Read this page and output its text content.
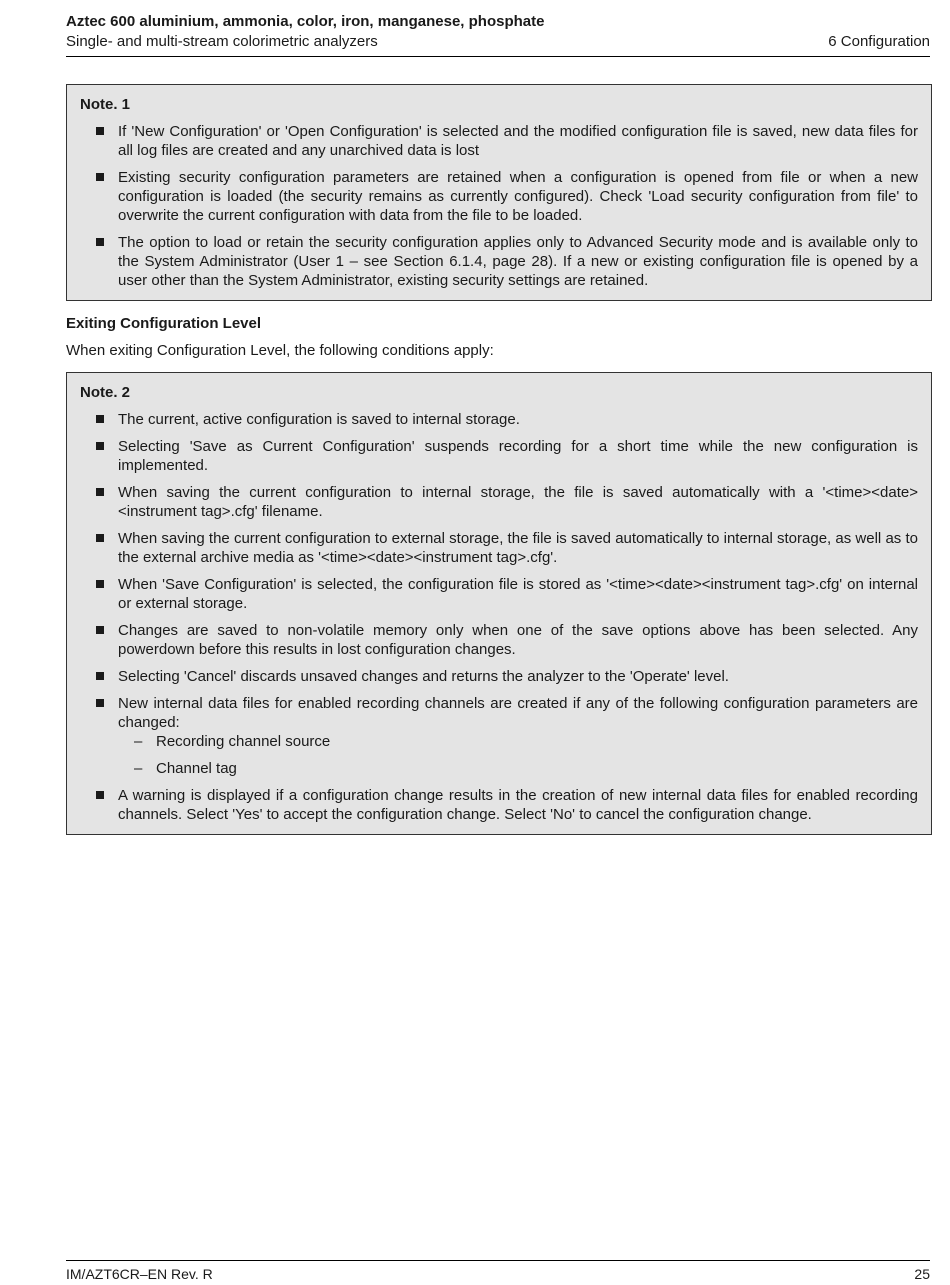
Aztec 600 aluminium, ammonia, color, iron, manganese, phosphate
Single- and multi-stream colorimetric analyzers	6 Configuration
Note. 1
If 'New Configuration' or 'Open Configuration' is selected and the modified configuration file is saved, new data files for all log files are created and any unarchived data is lost
Existing security configuration parameters are retained when a configuration is opened from file or when a new configuration is loaded (the security remains as currently configured). Check 'Load security configuration from file' to overwrite the current configuration with data from the file to be loaded.
The option to load or retain the security configuration applies only to Advanced Security mode and is available only to the System Administrator (User 1 – see Section 6.1.4, page 28). If a new or existing configuration file is opened by a user other than the System Administrator, existing security settings are retained.
Exiting Configuration Level
When exiting Configuration Level, the following conditions apply:
Note. 2
The current, active configuration is saved to internal storage.
Selecting 'Save as Current Configuration' suspends recording for a short time while the new configuration is implemented.
When saving the current configuration to internal storage, the file is saved automatically with a '<time><date><instrument tag>.cfg' filename.
When saving the current configuration to external storage, the file is saved automatically to internal storage, as well as to the external archive media as '<time><date><instrument tag>.cfg'.
When 'Save Configuration' is selected, the configuration file is stored as '<time><date><instrument tag>.cfg' on internal or external storage.
Changes are saved to non-volatile memory only when one of the save options above has been selected. Any powerdown before this results in lost configuration changes.
Selecting 'Cancel' discards unsaved changes and returns the analyzer to the 'Operate' level.
New internal data files for enabled recording channels are created if any of the following configuration parameters are changed:
– Recording channel source
– Channel tag
A warning is displayed if a configuration change results in the creation of new internal data files for enabled recording channels. Select 'Yes' to accept the configuration change. Select 'No' to cancel the configuration change.
IM/AZT6CR–EN Rev. R	25
